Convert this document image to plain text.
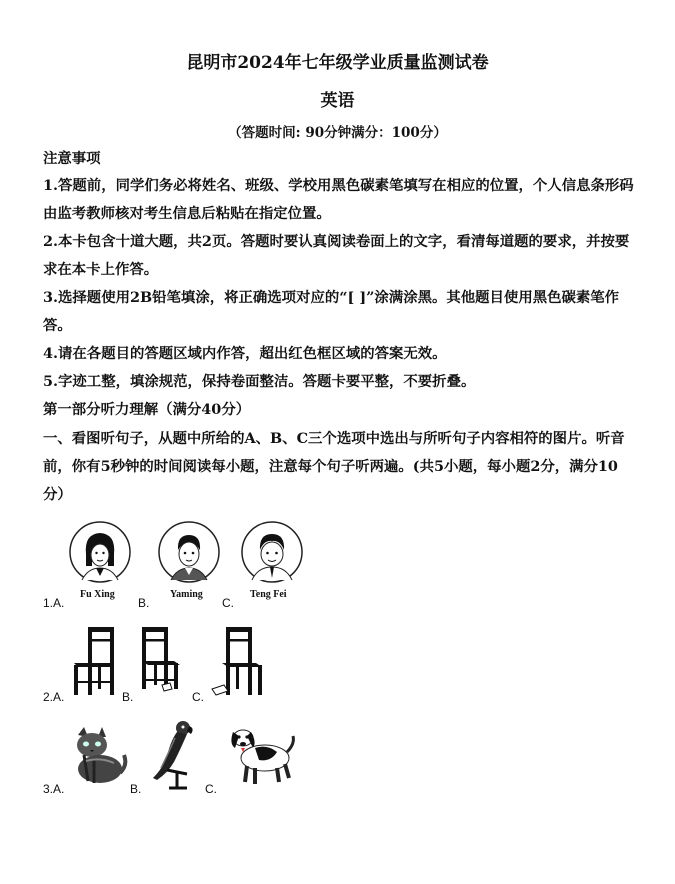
昆明市2024年七年级学业质量监测试卷
英语
（答题时间: 90分钟满分：100分）
注意事项
1.答题前，同学们务必将姓名、班级、学校用黑色碳素笔填写在相应的位置，个人信息条形码
由监考教师核对考生信息后粘贴在指定位置。
2.本卡包含十道大题，共2页。答题时要认真阅读卷面上的文字，看清每道题的要求，并按要
求在本卡上作答。
3.选择题使用2B铅笔填涂，将正确选项对应的“[ ]”涂满涂黑。其他题目使用黑色碳素笔作
答。
4.请在各题目的答题区域内作答，超出红色框区域的答案无效。
5.字迹工整，填涂规范，保持卷面整洁。答题卡要平整，不要折叠。
第一部分听力理解（满分40分）
一、看图听句子，从题中所给的A、B、C三个选项中选出与所听句子内容相符的图片。听音
前，你有5秒钟的时间阅读每小题，注意每个句子听两遍。(共5小题，每小题2分，满分10
分）
Fu Xing	Yaming	Teng Fei
1.A.	B.	C.
2.A.	B.	C.
3.A.	B.	C.
